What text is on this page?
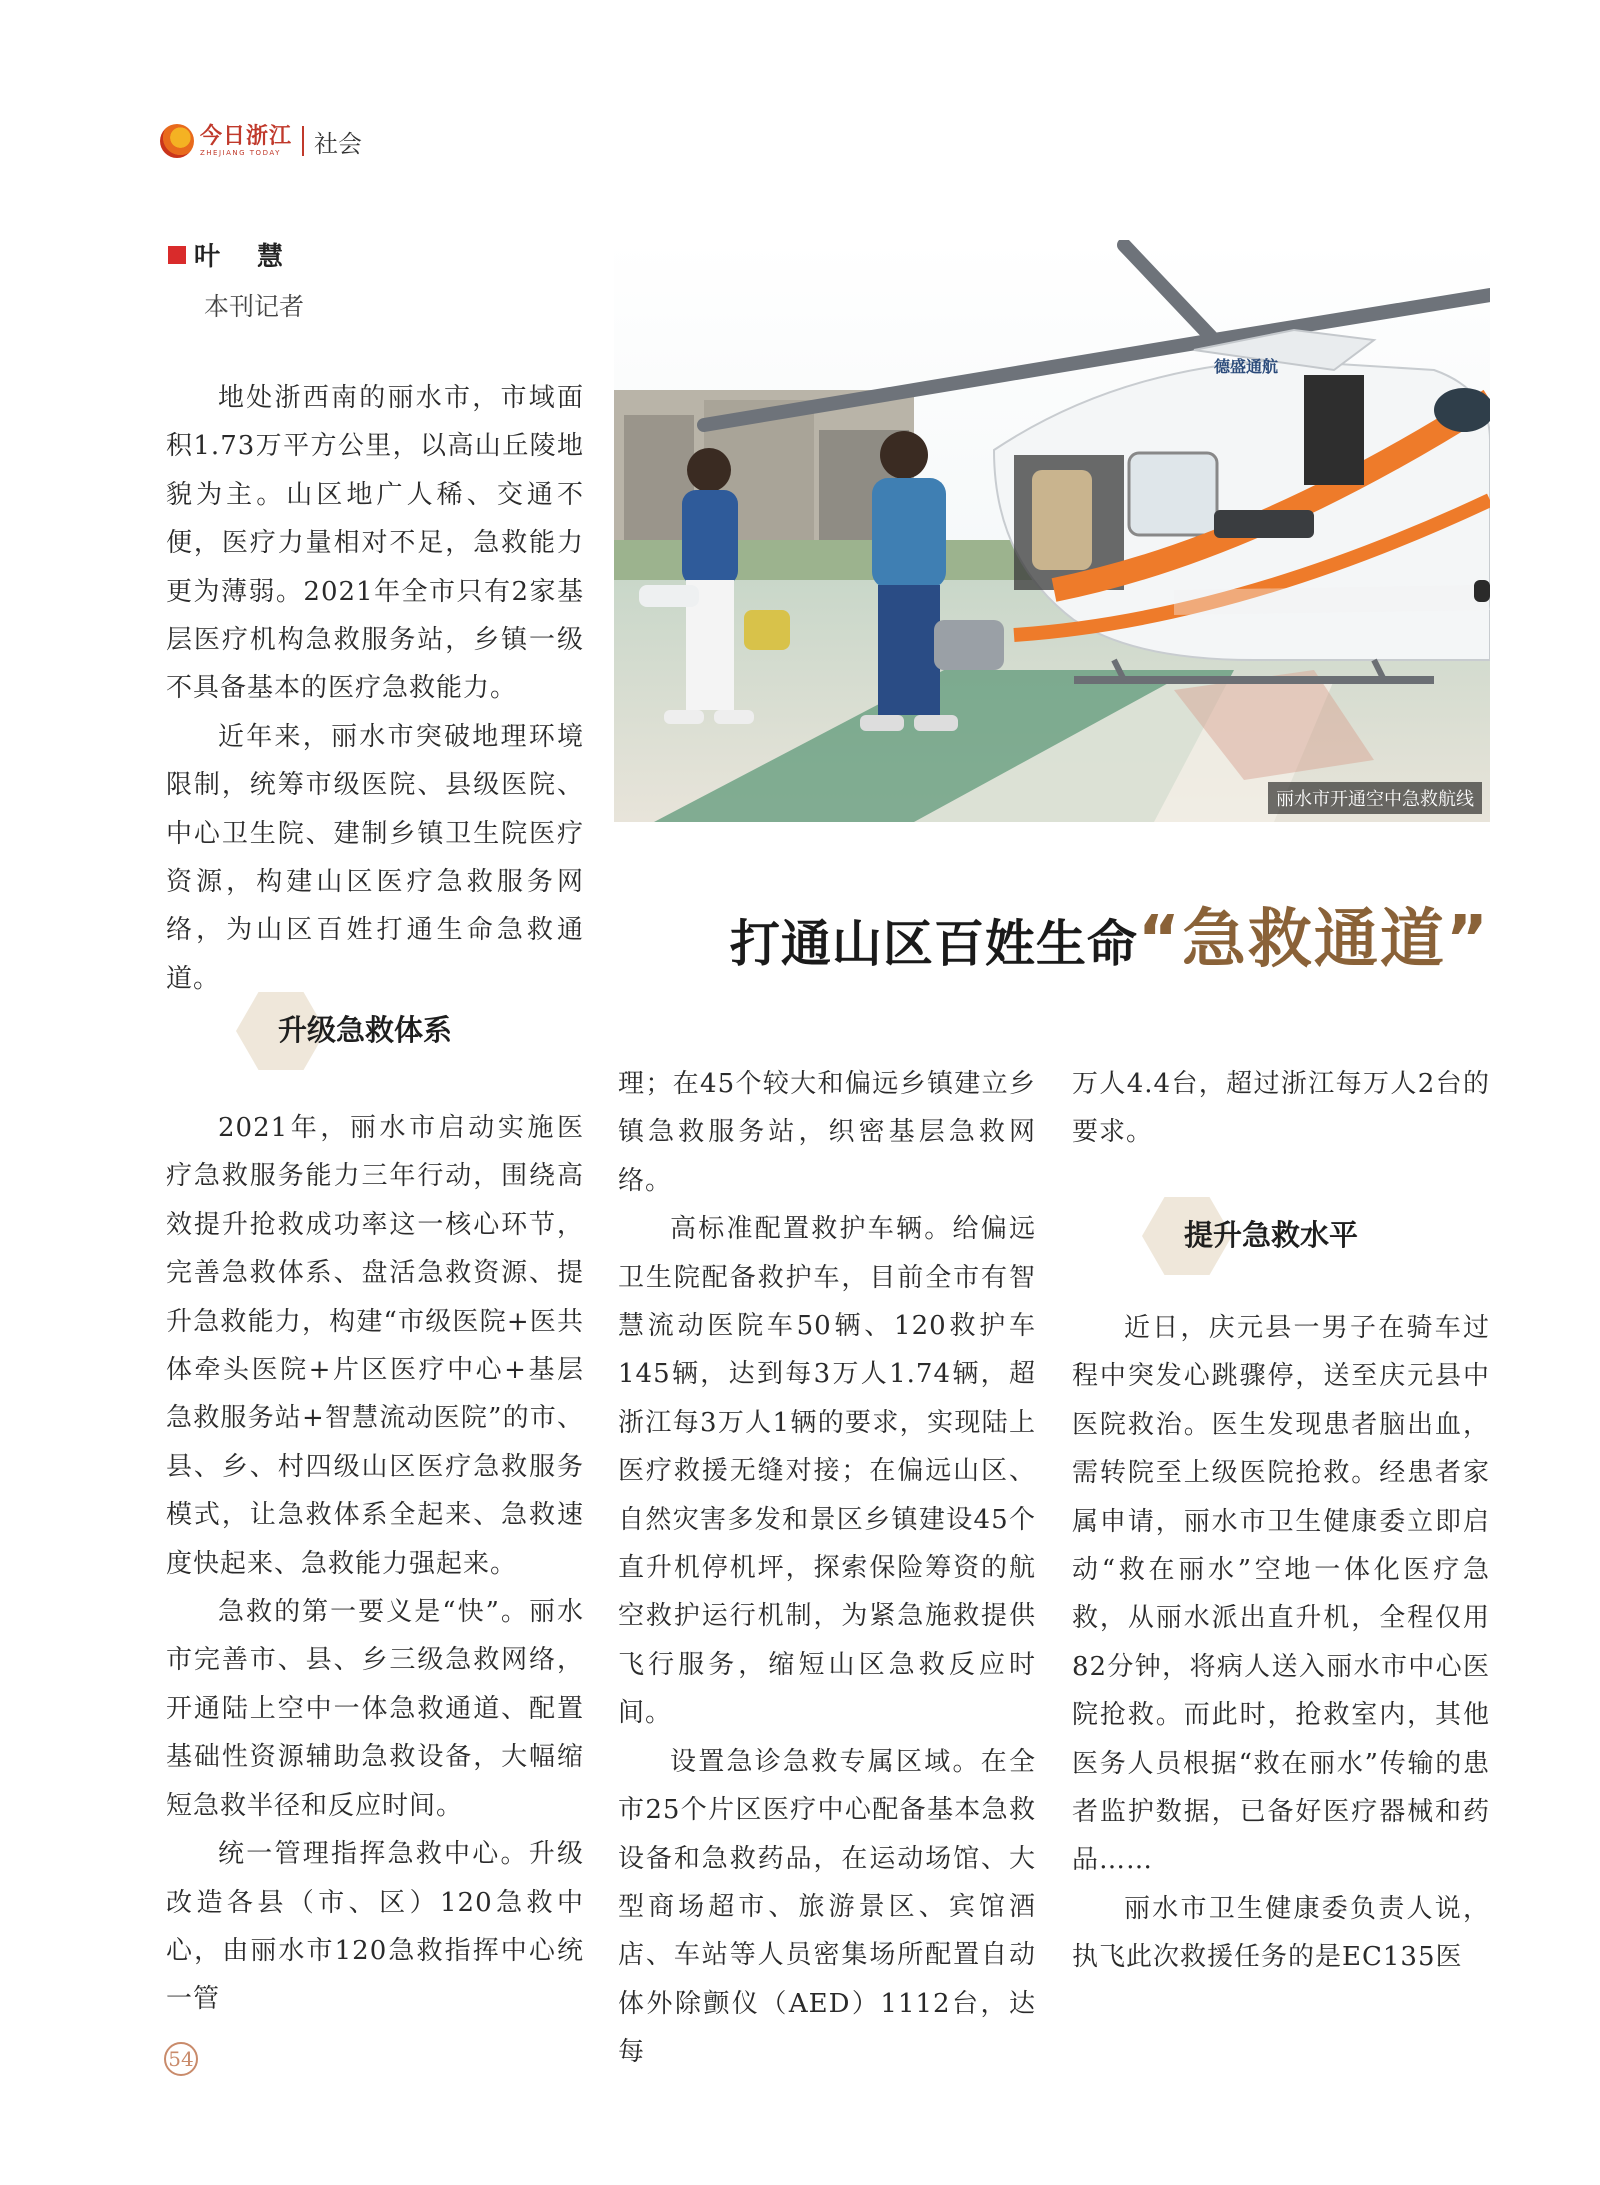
今日浙江
ZHEJIANG TODAY	社会
叶 慧
本刊记者

地处浙西南的丽水市，市域面积1.73万平方公里，以高山丘陵地貌为主。山区地广人稀、交通不便，医疗力量相对不足，急救能力更为薄弱。2021年全市只有2家基层医疗机构急救服务站，乡镇一级不具备基本的医疗急救能力。

近年来，丽水市突破地理环境限制，统筹市级医院、县级医院、中心卫生院、建制乡镇卫生院医疗资源，构建山区医疗急救服务网络，为山区百姓打通生命急救通道。

德盛通航
丽水市开通空中急救航线
打通山区百姓生命“急救通道”
升级急救体系

2021年，丽水市启动实施医疗急救服务能力三年行动，围绕高效提升抢救成功率这一核心环节，完善急救体系、盘活急救资源、提升急救能力，构建“市级医院+医共体牵头医院+片区医疗中心+基层急救服务站+智慧流动医院”的市、县、乡、村四级山区医疗急救服务模式，让急救体系全起来、急救速度快起来、急救能力强起来。

急救的第一要义是“快”。丽水市完善市、县、乡三级急救网络，开通陆上空中一体急救通道、配置基础性资源辅助急救设备，大幅缩短急救半径和反应时间。

统一管理指挥急救中心。升级改造各县（市、区）120急救中心，由丽水市120急救指挥中心统一管

理；在45个较大和偏远乡镇建立乡镇急救服务站，织密基层急救网络。

高标准配置救护车辆。给偏远卫生院配备救护车，目前全市有智慧流动医院车50辆、120救护车145辆，达到每3万人1.74辆，超浙江每3万人1辆的要求，实现陆上医疗救援无缝对接；在偏远山区、自然灾害多发和景区乡镇建设45个直升机停机坪，探索保险筹资的航空救护运行机制，为紧急施救提供飞行服务，缩短山区急救反应时间。

设置急诊急救专属区域。在全市25个片区医疗中心配备基本急救设备和急救药品，在运动场馆、大型商场超市、旅游景区、宾馆酒店、车站等人员密集场所配置自动体外除颤仪（AED）1112台，达每

万人4.4台，超过浙江每万人2台的要求。

提升急救水平

近日，庆元县一男子在骑车过程中突发心跳骤停，送至庆元县中医院救治。医生发现患者脑出血，需转院至上级医院抢救。经患者家属申请，丽水市卫生健康委立即启动“救在丽水”空地一体化医疗急救，从丽水派出直升机，全程仅用82分钟，将病人送入丽水市中心医院抢救。而此时，抢救室内，其他医务人员根据“救在丽水”传输的患者监护数据，已备好医疗器械和药品……

丽水市卫生健康委负责人说，执飞此次救援任务的是EC135医

54
